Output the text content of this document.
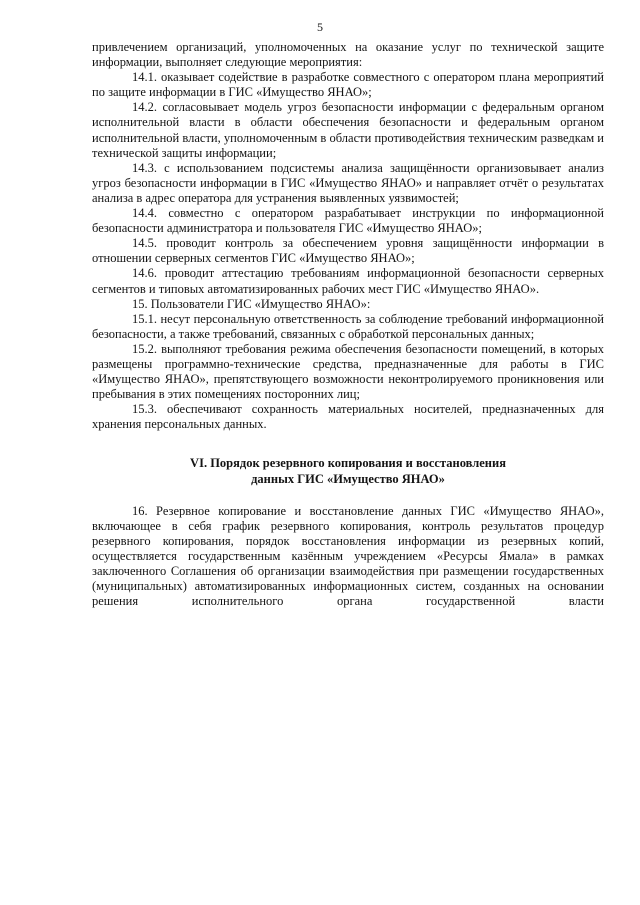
5

привлечением организаций, уполномоченных на оказание услуг по технической защите информации, выполняет следующие мероприятия:

14.1. оказывает содействие в разработке совместного с оператором плана мероприятий по защите информации в ГИС «Имущество ЯНАО»;

14.2. согласовывает модель угроз безопасности информации с федеральным органом исполнительной власти в области обеспечения безопасности и федеральным органом исполнительной власти, уполномоченным в области противодействия техническим разведкам и технической защиты информации;

14.3. с использованием подсистемы анализа защищённости организовывает анализ угроз безопасности информации в ГИС «Имущество ЯНАО» и направляет отчёт о результатах анализа в адрес оператора для устранения выявленных уязвимостей;

14.4. совместно с оператором разрабатывает инструкции по информационной безопасности администратора и пользователя ГИС «Имущество ЯНАО»;

14.5. проводит контроль за обеспечением уровня защищённости информации в отношении серверных сегментов ГИС «Имущество ЯНАО»;

14.6. проводит аттестацию требованиям информационной безопасности серверных сегментов и типовых автоматизированных рабочих мест ГИС «Имущество ЯНАО».

15. Пользователи ГИС «Имущество ЯНАО»:

15.1. несут персональную ответственность за соблюдение требований информационной безопасности, а также требований, связанных с обработкой персональных данных;

15.2. выполняют требования режима обеспечения безопасности помещений, в которых размещены программно-технические средства, предназначенные для работы в ГИС «Имущество ЯНАО», препятствующего возможности неконтролируемого проникновения или пребывания в этих помещениях посторонних лиц;

15.3. обеспечивают сохранность материальных носителей, предназначенных для хранения персональных данных.

VI. Порядок резервного копирования и восстановления
данных ГИС «Имущество ЯНАО»

16. Резервное копирование и восстановление данных ГИС «Имущество ЯНАО», включающее в себя график резервного копирования, контроль результатов процедур резервного копирования, порядок восстановления информации из резервных копий, осуществляется государственным казённым учреждением «Ресурсы Ямала» в рамках заключенного Соглашения об организации взаимодействия при размещении государственных (муниципальных) автоматизированных информационных систем, созданных на основании решения исполнительного органа государственной власти
